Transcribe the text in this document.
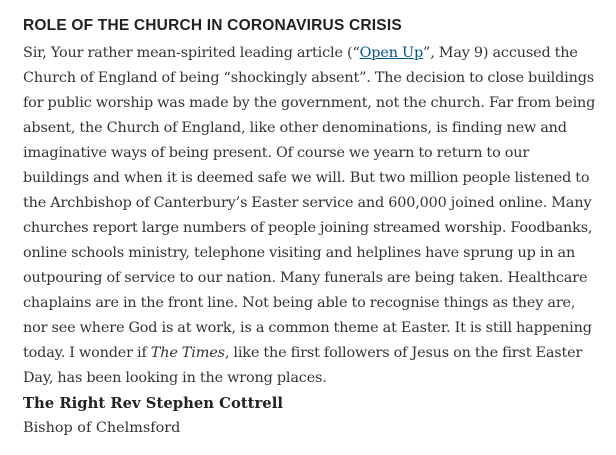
ROLE OF THE CHURCH IN CORONAVIRUS CRISIS

Sir, Your rather mean-spirited leading article (“Open Up”, May 9) accused the Church of England of being “shockingly absent”. The decision to close buildings for public worship was made by the government, not the church. Far from being absent, the Church of England, like other denominations, is finding new and imaginative ways of being present. Of course we yearn to return to our buildings and when it is deemed safe we will. But two million people listened to the Archbishop of Canterbury’s Easter service and 600,000 joined online. Many churches report large numbers of people joining streamed worship. Foodbanks, online schools ministry, telephone visiting and helplines have sprung up in an outpouring of service to our nation. Many funerals are being taken. Healthcare chaplains are in the front line. Not being able to recognise things as they are, nor see where God is at work, is a common theme at Easter. It is still happening today. I wonder if The Times, like the first followers of Jesus on the first Easter Day, has been looking in the wrong places.

The Right Rev Stephen Cottrell

Bishop of Chelmsford
